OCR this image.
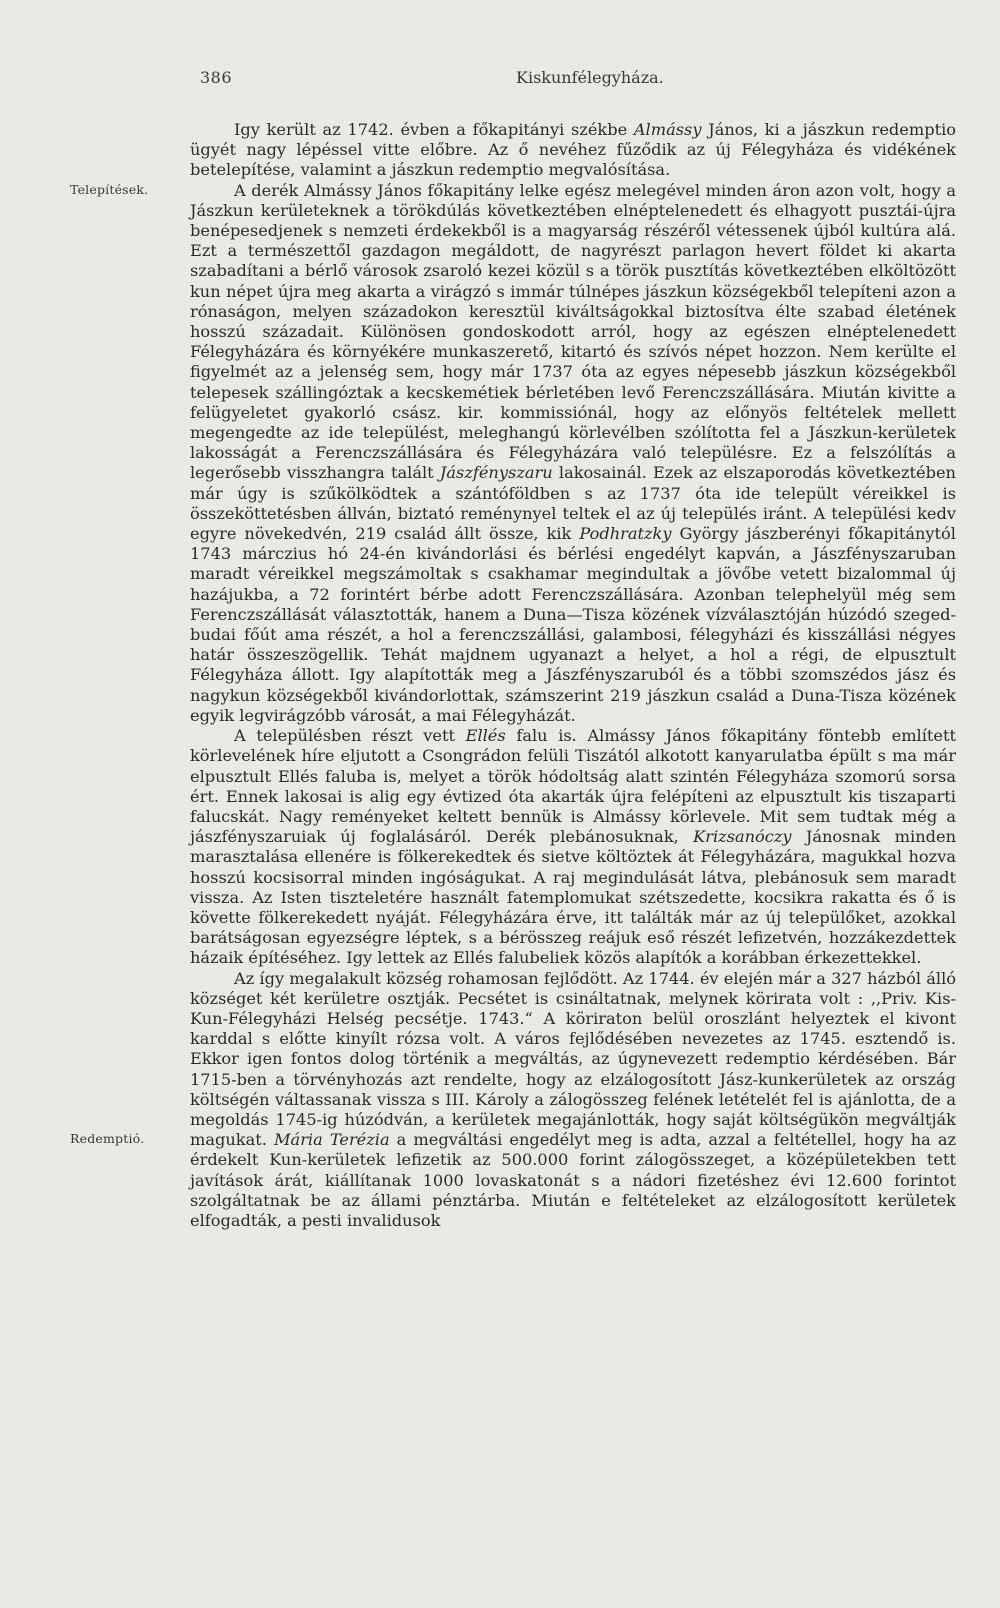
386	Kiskunfélegyháza.
Telepítések.
Redemptió.

Igy került az 1742. évben a főkapitányi székbe Almássy János, ki a jászkun redemptio ügyét nagy lépéssel vitte előbre. Az ő nevéhez fűződik az új Félegyháza és vidékének betelepítése, valamint a jászkun redemptio megvalósítása.

A derék Almássy János főkapitány lelke egész melegével minden áron azon volt, hogy a Jászkun kerületeknek a törökdúlás következtében elnéptelenedett és elhagyott pusztái-újra benépesedjenek s nemzeti érdekekből is a magyarság részéről vétessenek újból kultúra alá. Ezt a természettől gazdagon megáldott, de nagyrészt parlagon hevert földet ki akarta szabadítani a bérlő városok zsaroló kezei közül s a török pusztítás következtében elköltözött kun népet újra meg akarta a virágzó s immár túlnépes jászkun községekből telepíteni azon a rónaságon, melyen századokon keresztül kiváltságokkal biztosítva élte szabad életének hosszú századait. Különösen gondoskodott arról, hogy az egészen elnéptelenedett Félegyházára és környékére munkaszerető, kitartó és szívós népet hozzon. Nem kerülte el figyelmét az a jelenség sem, hogy már 1737 óta az egyes népesebb jászkun községekből telepesek szállingóztak a kecskemétiek bérletében levő Ferenczszállására. Miután kivitte a felügyeletet gyakorló csász. kir. kommissiónál, hogy az előnyös feltételek mellett megengedte az ide települést, meleghangú körlevélben szólította fel a Jászkun-kerületek lakosságát a Ferenczszállására és Félegyházára való településre. Ez a felszólítás a legerősebb visszhangra talált Jászfényszaru lakosainál. Ezek az elszaporodás következtében már úgy is szűkölködtek a szántóföldben s az 1737 óta ide települt véreikkel is összeköttetésben állván, biztató reménynyel teltek el az új település iránt. A települési kedv egyre növekedvén, 219 család állt össze, kik Podhratzky György jászberényi főkapitánytól 1743 márczius hó 24-én kivándorlási és bérlési engedélyt kapván, a Jászfényszaruban maradt véreikkel megszámoltak s csakhamar megindultak a jövőbe vetett bizalommal új hazájukba, a 72 forintért bérbe adott Ferenczszállására. Azonban telephelyül még sem Ferenczszállását választották, hanem a Duna—Tisza közének vízválasztóján húzódó szeged-budai főút ama részét, a hol a ferenczszállási, galambosi, félegyházi és kisszállási négyes határ összeszögellik. Tehát majdnem ugyanazt a helyet, a hol a régi, de elpusztult Félegyháza állott. Igy alapították meg a Jászfényszaruból és a többi szomszédos jász és nagykun községekből kivándorlottak, számszerint 219 jászkun család a Duna-Tisza közének egyik legvirágzóbb városát, a mai Félegyházát.

A településben részt vett Ellés falu is. Almássy János főkapitány föntebb említett körlevelének híre eljutott a Csongrádon felüli Tiszától alkotott kanyarulatba épült s ma már elpusztult Ellés faluba is, melyet a török hódoltság alatt szintén Félegyháza szomorú sorsa ért. Ennek lakosai is alig egy évtized óta akarták újra felépíteni az elpusztult kis tiszaparti falucskát. Nagy reményeket keltett bennük is Almássy körlevele. Mit sem tudtak még a jászfényszaruiak új foglalásáról. Derék plebánosuknak, Krizsanóczy Jánosnak minden marasztalása ellenére is fölkerekedtek és sietve költöztek át Félegyházára, magukkal hozva hosszú kocsisorral minden ingóságukat. A raj megindulását látva, plebánosuk sem maradt vissza. Az Isten tiszteletére használt fatemplomukat szétszedette, kocsikra rakatta és ő is követte fölkerekedett nyáját. Félegyházára érve, itt találták már az új települőket, azokkal barátságosan egyezségre léptek, s a bérösszeg reájuk eső részét lefizetvén, hozzákezdettek házaik építéséhez. Igy lettek az Ellés falubeliek közös alapítók a korábban érkezettekkel.

Az így megalakult község rohamosan fejlődött. Az 1744. év elején már a 327 házból álló községet két kerületre osztják. Pecsétet is csináltatnak, melynek körirata volt : ,,Priv. Kis-Kun-Félegyházi Helség pecsétje. 1743.“ A köriraton belül oroszlánt helyeztek el kivont karddal s előtte kinyílt rózsa volt. A város fejlődésében nevezetes az 1745. esztendő is. Ekkor igen fontos dolog történik a megváltás, az úgynevezett redemptio kérdésében. Bár 1715-ben a törvényhozás azt rendelte, hogy az elzálogosított Jász-kunkerületek az ország költségén váltassanak vissza s III. Károly a zálogösszeg felének letételét fel is ajánlotta, de a megoldás 1745-ig húzódván, a kerületek megajánlották, hogy saját költségükön megváltják magukat. Mária Terézia a megváltási engedélyt meg is adta, azzal a feltétellel, hogy ha az érdekelt Kun-kerületek lefizetik az 500.000 forint zálogösszeget, a középületekben tett javítások árát, kiállítanak 1000 lovaskatonát s a nádori fizetéshez évi 12.600 forintot szolgáltatnak be az állami pénztárba. Miután e feltételeket az elzálogosított kerületek elfogadták, a pesti invalidusok
